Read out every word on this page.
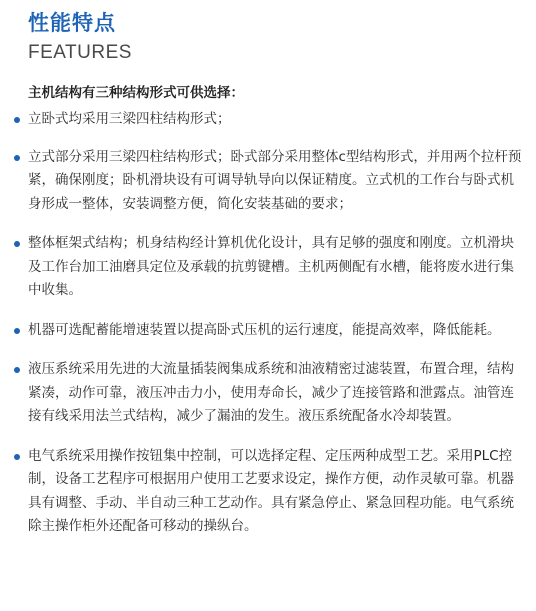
性能特点
FEATURES
主机结构有三种结构形式可供选择：
立卧式均采用三梁四柱结构形式；
立式部分采用三梁四柱结构形式；卧式部分采用整体c型结构形式，并用两个拉杆预紧，确保刚度；卧机滑块设有可调导轨导向以保证精度。立式机的工作台与卧式机身形成一整体，安装调整方便，简化安装基础的要求；
整体框架式结构；机身结构经计算机优化设计，具有足够的强度和刚度。立机滑块及工作台加工油磨具定位及承载的抗剪键槽。主机两侧配有水槽，能将废水进行集中收集。
机器可选配蓄能增速装置以提高卧式压机的运行速度，能提高效率，降低能耗。
液压系统采用先进的大流量插装阀集成系统和油液精密过滤装置，布置合理，结构紧凑，动作可靠，液压冲击力小，使用寿命长，减少了连接管路和泄露点。油管连接有线采用法兰式结构，减少了漏油的发生。液压系统配备水冷却装置。
电气系统采用操作按钮集中控制，可以选择定程、定压两种成型工艺。采用PLC控制，设备工艺程序可根据用户使用工艺要求设定，操作方便，动作灵敏可靠。机器具有调整、手动、半自动三种工艺动作。具有紧急停止、紧急回程功能。电气系统除主操作柜外还配备可移动的操纵台。
